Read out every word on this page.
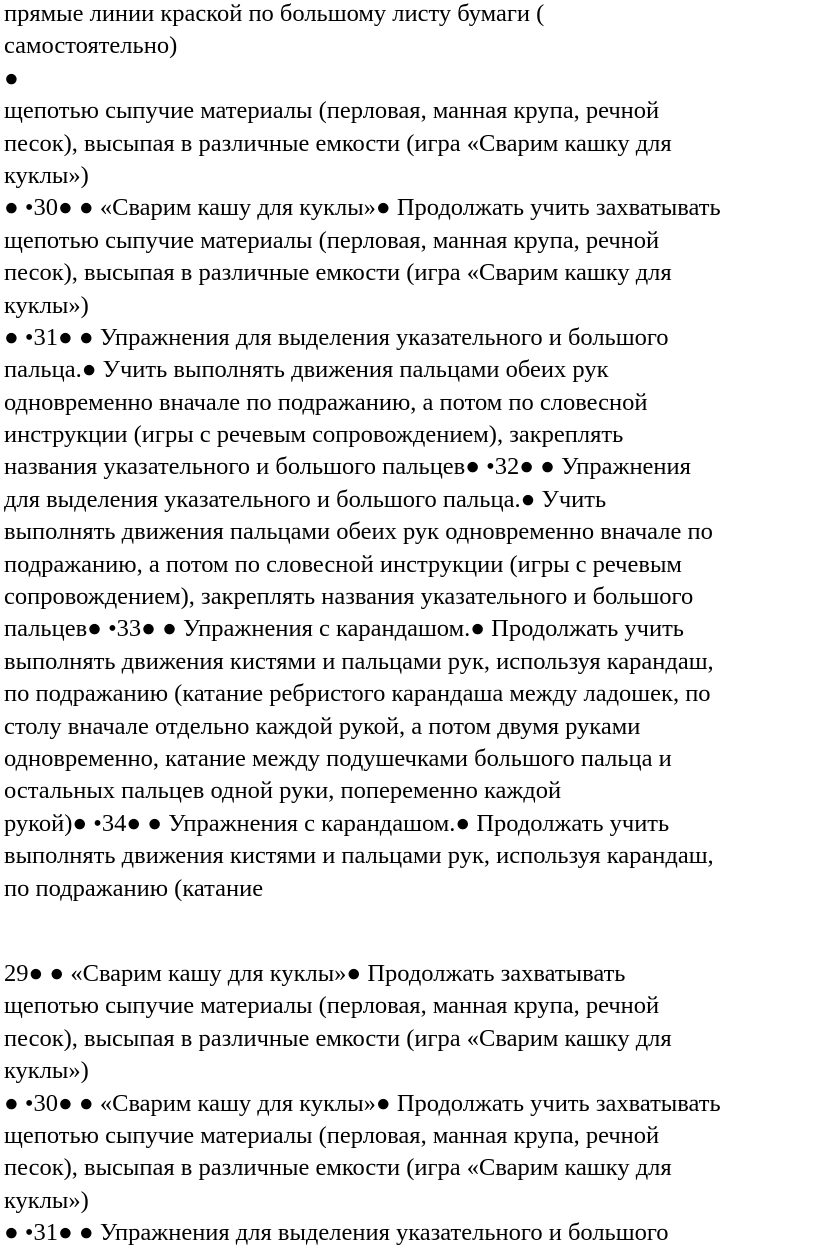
прямые линии краской по большому листу бумаги (
самостоятельно)
●
щепотью сыпучие материалы (перловая, манная крупа, речной
песок), высыпая в различные емкости (игра «Сварим кашку для
куклы»)
● •30● ● «Сварим кашу для куклы»● Продолжать учить захватывать
щепотью сыпучие материалы (перловая, манная крупа, речной
песок), высыпая в различные емкости (игра «Сварим кашку для
куклы»)
● •31● ● Упражнения для выделения указательного и большого
пальца.● Учить выполнять движения пальцами обеих рук
одновременно вначале по подражанию, а потом по словесной
инструкции (игры с речевым сопровождением), закреплять
названия указательного и большого пальцев● •32● ● Упражнения
для выделения указательного и большого пальца.● Учить
выполнять движения пальцами обеих рук одновременно вначале по
подражанию, а потом по словесной инструкции (игры с речевым
сопровождением), закреплять названия указательного и большого
пальцев● •33● ● Упражнения с карандашом.● Продолжать учить
выполнять движения кистями и пальцами рук, используя карандаш,
по подражанию (катание ребристого карандаша между ладошек, по
столу вначале отдельно каждой рукой, а потом двумя руками
одновременно, катание между подушечками большого пальца и
остальных пальцев одной руки, попеременно каждой
рукой)● •34● ● Упражнения с карандашом.● Продолжать учить
выполнять движения кистями и пальцами рук, используя карандаш,
по подражанию (катание
29● ● «Сварим кашу для куклы»● Продолжать захватывать
щепотью сыпучие материалы (перловая, манная крупа, речной
песок), высыпая в различные емкости (игра «Сварим кашку для
куклы»)
● •30● ● «Сварим кашу для куклы»● Продолжать учить захватывать
щепотью сыпучие материалы (перловая, манная крупа, речной
песок), высыпая в различные емкости (игра «Сварим кашку для
куклы»)
● •31● ● Упражнения для выделения указательного и большого
